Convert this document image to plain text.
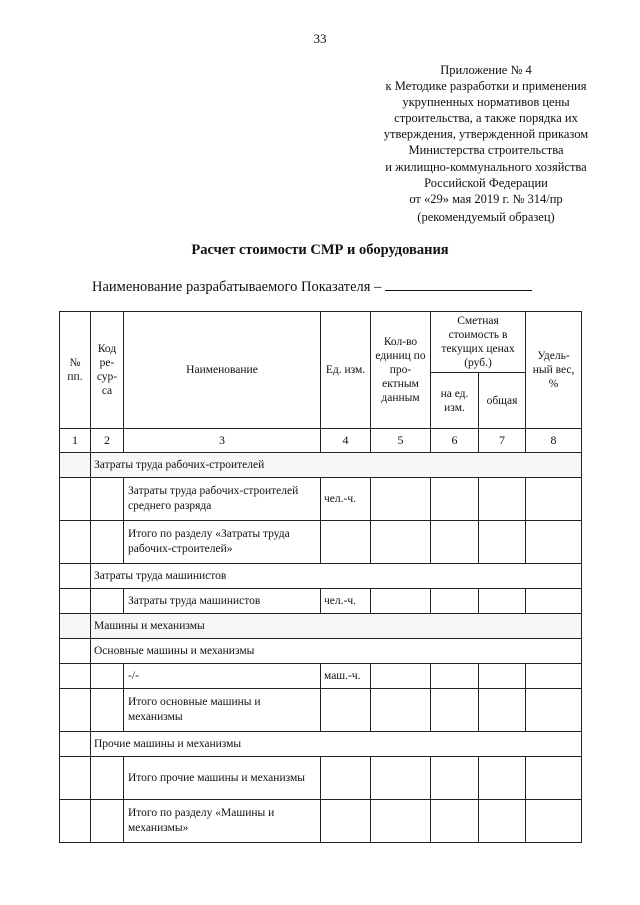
33
Приложение № 4
к Методике разработки и применения
укрупненных нормативов цены
строительства, а также порядка их
утверждения, утвержденной приказом
Министерства строительства
и жилищно-коммунального хозяйства
Российской Федерации
от «29» мая 2019 г. № 314/пр
(рекомендуемый образец)
Расчет стоимости СМР и оборудования
Наименование разрабатываемого Показателя –
№ пп.	Код ре- сур- са	Наименование	Ед. изм.	Кол-во единиц по про- ектным данным	Сметная стоимость в текущих ценах (руб.)		Удель- ный вес, %
					на ед. изм.	общая	
1	2	3	4	5	6	7	8
	Затраты труда рабочих-строителей						
		Затраты труда рабочих-строителей среднего разряда	чел.-ч.				
		Итого по разделу «Затраты труда рабочих-строителей»					
	Затраты труда машинистов						
		Затраты труда машинистов	чел.-ч.				
	Машины и механизмы						
	Основные машины и механизмы						
		-/-	маш.-ч.				
		Итого основные машины и механизмы					
	Прочие машины и механизмы						
		Итого прочие машины и механизмы					
		Итого по разделу «Машины и механизмы»					
